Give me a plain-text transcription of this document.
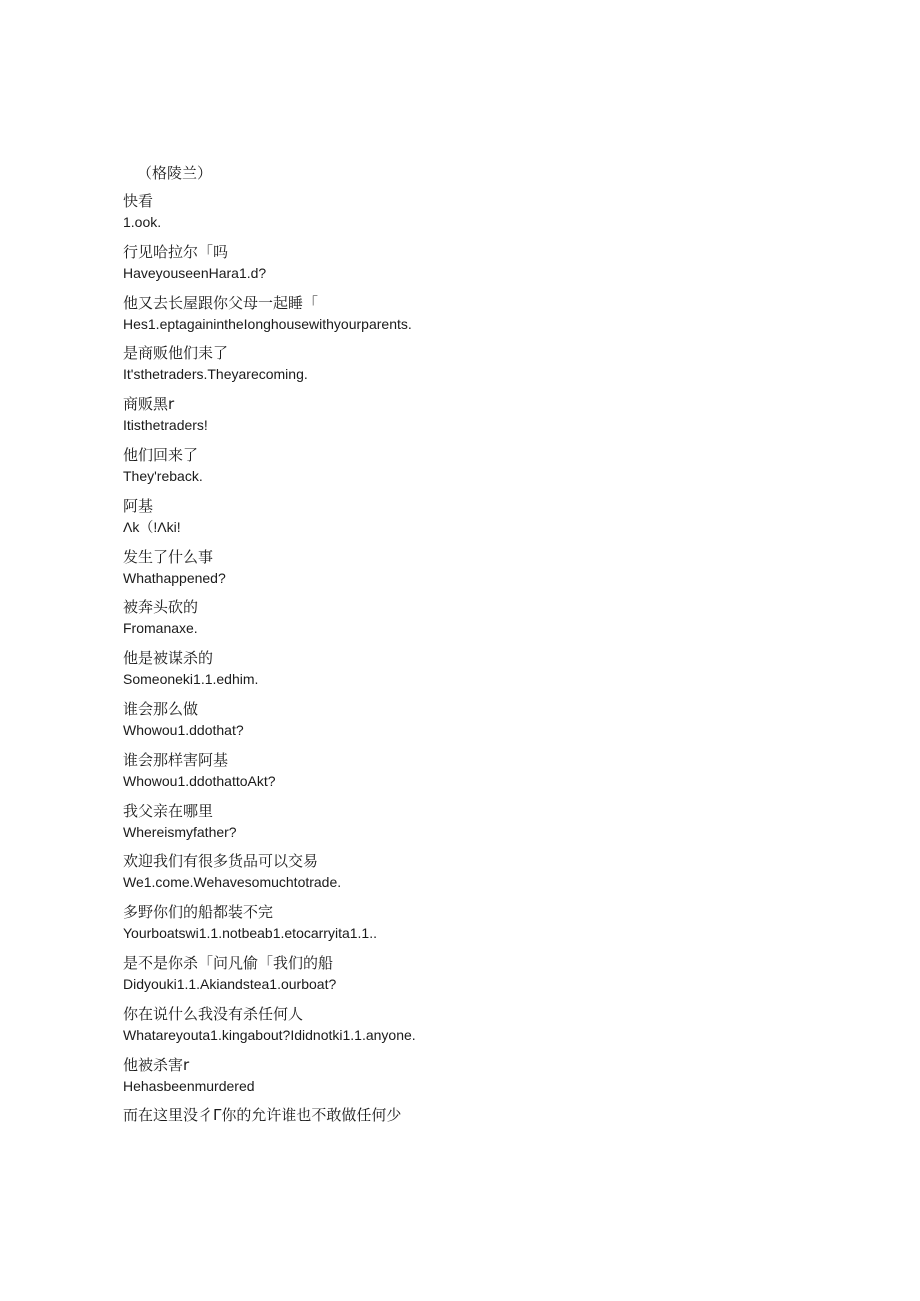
（格陵兰）
快看
1.ook.
行见哈拉尔「吗
HaveyouseenHara1.d?
他又去长屋跟你父母一起睡「
Hes1.eptagainintheIonghousewithyourparents.
是商贩他们耒了
It'sthetraders.Theyarecoming.
商贩黑r
Itisthetraders!
他们回来了
They'reback.
阿基
Λk（!Λki!
发生了什么事
Whathappened?
被奔头砍的
Fromanaxe.
他是被谋杀的
Someoneki1.1.edhim.
谁会那么做
Whowou1.ddothat?
谁会那样害阿基
Whowou1.ddothattoAkt?
我父亲在哪里
Whereismyfather?
欢迎我们有很多货品可以交易
We1.come.Wehavesomuchtotrade.
多野你们的船都装不完
Yourboatswi1.1.notbeab1.etocarryita1.1..
是不是你杀「问凡偷「我们的船
Didyouki1.1.Akiandstea1.ourboat?
你在说什么我没有杀任何人
Whatareyouta1.kingabout?Ididnotki1.1.anyone.
他被杀害r
Hehasbeenmurdered
而在这里没彳Γ你的允许谁也不敢做任何少
